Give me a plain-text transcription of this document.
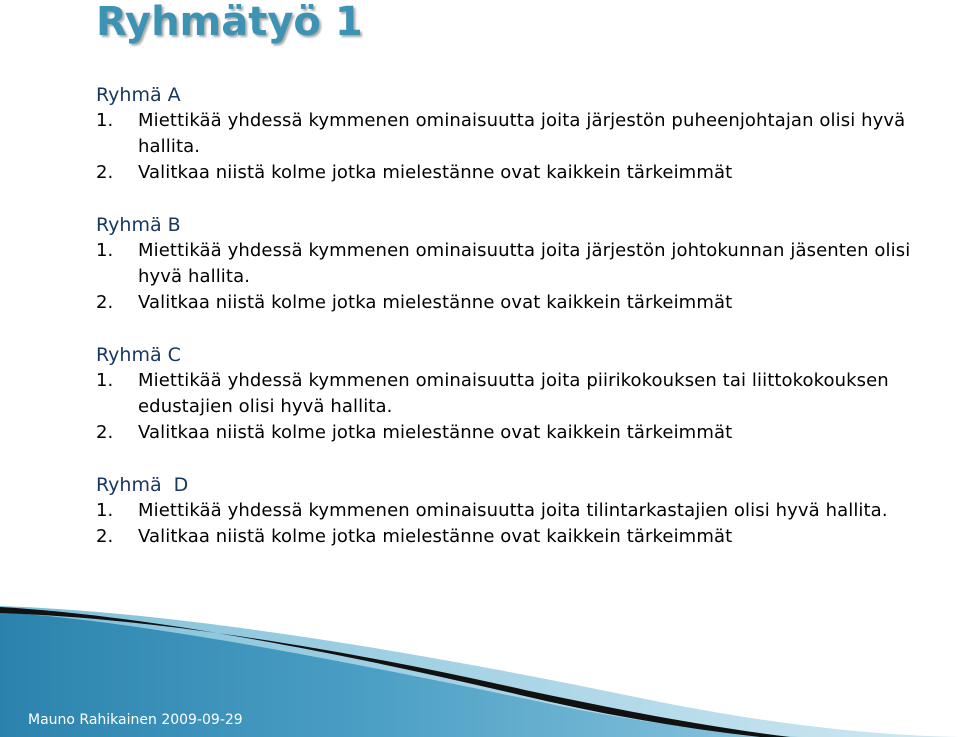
Ryhmätyö 1
Ryhmä A
1. Miettikää yhdessä kymmenen ominaisuutta joita järjestön puheenjohtajan olisi hyvä hallita.
2. Valitkaa niistä kolme jotka mielestänne ovat kaikkein tärkeimmät
Ryhmä B
1. Miettikää yhdessä kymmenen ominaisuutta joita järjestön johtokunnan jäsenten olisi hyvä hallita.
2. Valitkaa niistä kolme jotka mielestänne ovat kaikkein tärkeimmät
Ryhmä C
1. Miettikää yhdessä kymmenen ominaisuutta joita piirikokouksen tai liittokokouksen edustajien olisi hyvä hallita.
2. Valitkaa niistä kolme jotka mielestänne ovat kaikkein tärkeimmät
Ryhmä  D
1. Miettikää yhdessä kymmenen ominaisuutta joita tilintarkastajien olisi hyvä hallita.
2. Valitkaa niistä kolme jotka mielestänne ovat kaikkein tärkeimmät
Mauno Rahikainen 2009-09-29
